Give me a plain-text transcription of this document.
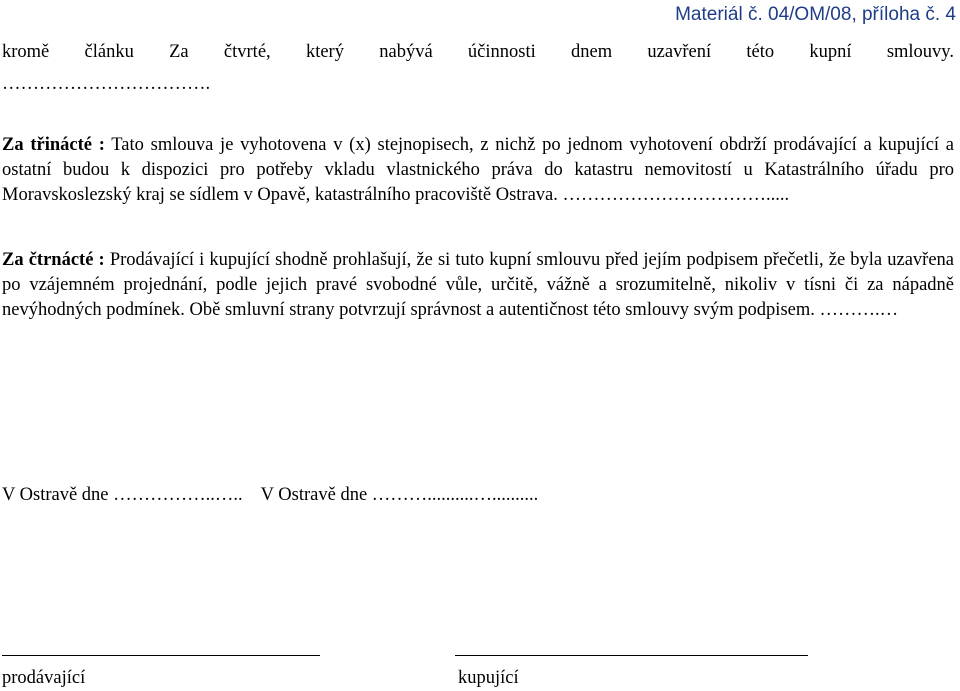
Materiál č. 04/OM/08, příloha č. 4
kromě článku Za čtvrté, který nabývá účinnosti dnem uzavření této kupní smlouvy.
…………………………….
Za třinácté : Tato smlouva je vyhotovena v (x) stejnopisech, z nichž po jednom vyhotovení obdrží prodávající a kupující a ostatní budou k dispozici pro potřeby vkladu vlastnického práva do katastru nemovitostí u Katastrálního úřadu pro Moravskoslezský kraj se sídlem v Opavě, katastrálního pracoviště Ostrava. …………………………….....
Za čtrnácté : Prodávající i kupující shodně prohlašují, že si tuto kupní smlouvu před jejím podpisem přečetli, že byla uzavřena po vzájemném projednání, podle jejich pravé svobodné vůle, určitě, vážně a srozumitelně, nikoliv v tísni či za nápadně nevýhodných podmínek. Obě smluvní strany potvrzují správnost a autentičnost této smlouvy svým podpisem. ……….…
V Ostravě dne ……………..….. V Ostravě dne ………..........…..........
prodávající	kupující
